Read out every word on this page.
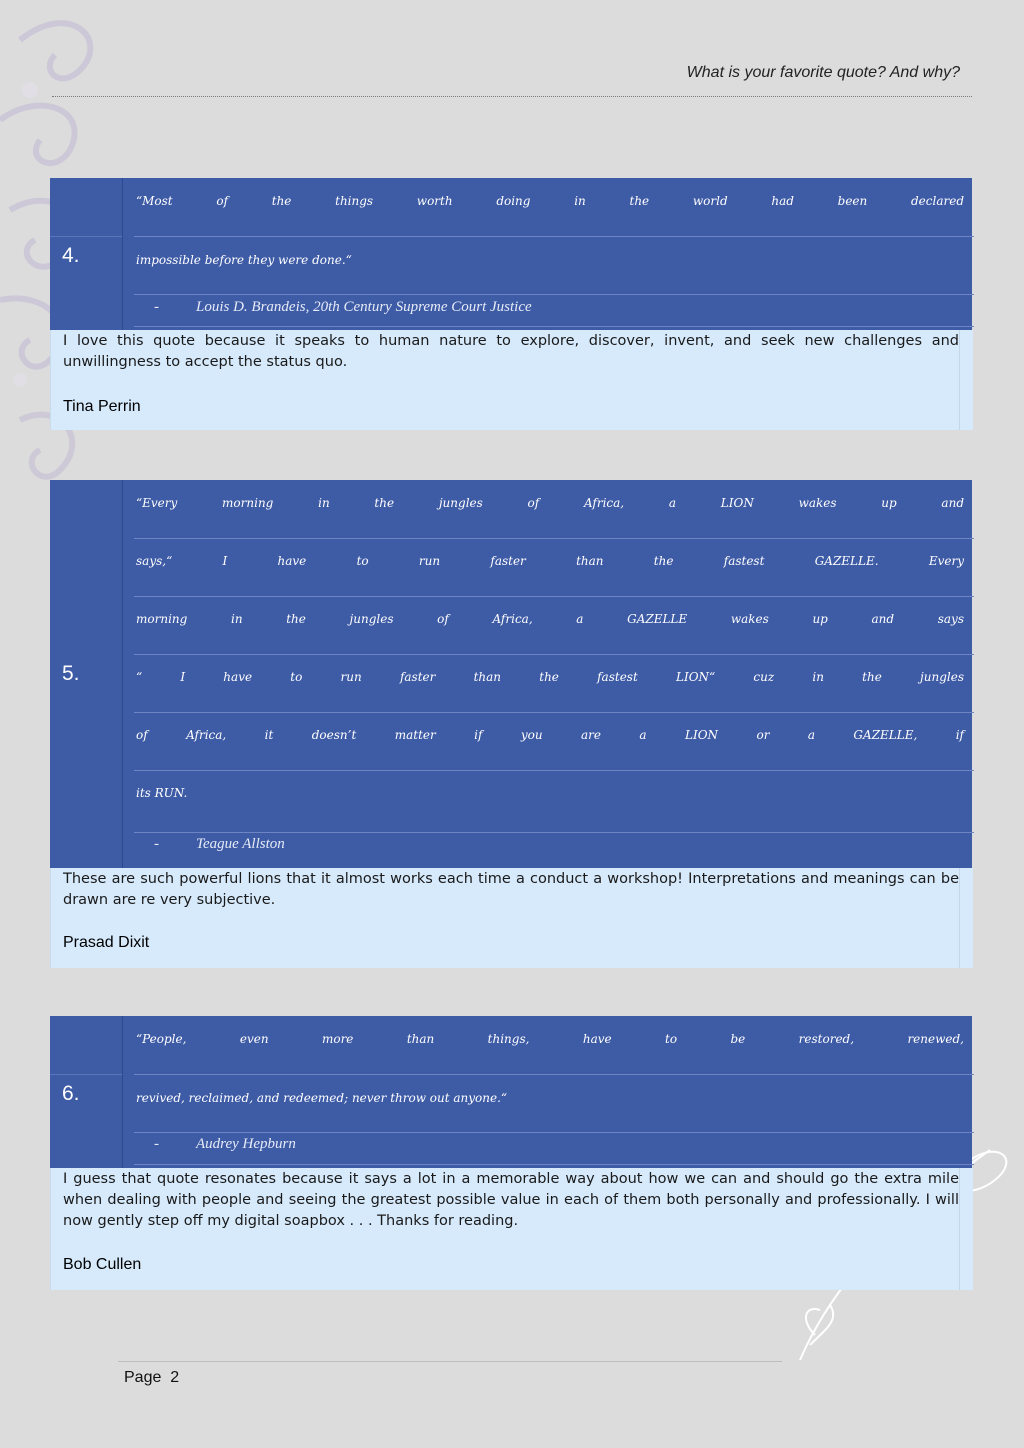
What is your favorite quote? And why?
4.
“Most of the things worth doing in the world had been declared
impossible before they were done.“
- Louis D. Brandeis, 20th Century Supreme Court Justice
I love this quote because it speaks to human nature to explore, discover, invent, and seek new challenges and unwillingness to accept the status quo.
Tina Perrin
5.
“Every morning in the jungles of Africa, a LION wakes up and
says,“ I have to run faster than the fastest GAZELLE. Every
morning in the jungles of Africa, a GAZELLE wakes up and says
“ I have to run faster than the fastest LION“ cuz in the jungles
of Africa, it doesn’t matter if you are a LION or a GAZELLE, if
its RUN.
- Teague Allston
These are such powerful lions that it almost works each time a conduct a workshop! Interpretations and meanings can be drawn are re very subjective.
Prasad Dixit
6.
“People, even more than things, have to be restored, renewed,
revived, reclaimed, and redeemed; never throw out anyone.“
- Audrey Hepburn
I guess that quote resonates because it says a lot in a memorable way about how we can and should go the extra mile when dealing with people and seeing the greatest possible value in each of them both personally and professionally. I will now gently step off my digital soapbox . . . Thanks for reading.
Bob Cullen
Page  2
